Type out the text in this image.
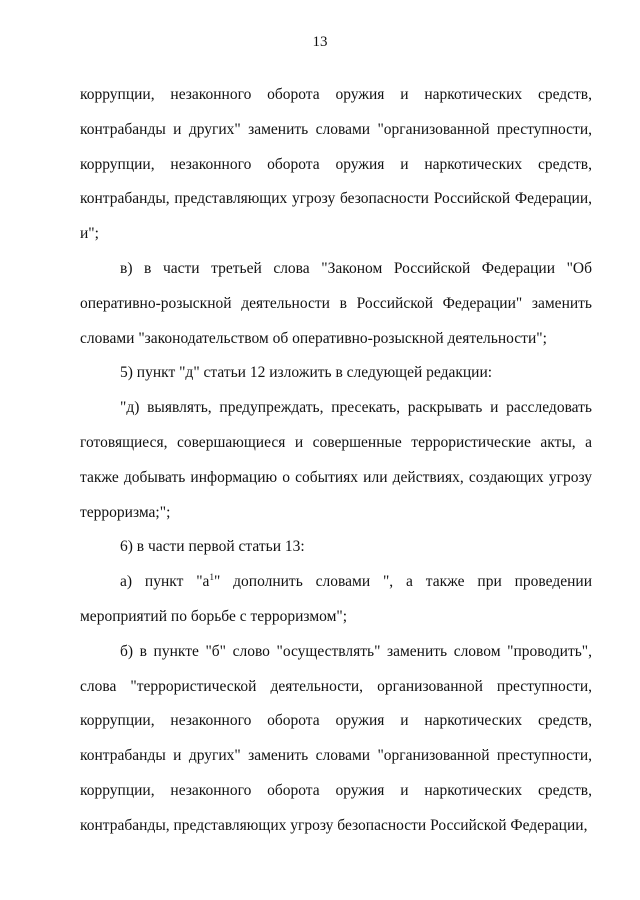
13

коррупции, незаконного оборота оружия и наркотических средств, контрабанды и других" заменить словами "организованной преступности, коррупции, незаконного оборота оружия и наркотических средств, контрабанды, представляющих угрозу безопасности Российской Федерации, и";

в) в части третьей слова "Законом Российской Федерации "Об оперативно-розыскной деятельности в Российской Федерации" заменить словами "законодательством об оперативно-розыскной деятельности";

5) пункт "д" статьи 12 изложить в следующей редакции:

"д) выявлять, предупреждать, пресекать, раскрывать и расследовать готовящиеся, совершающиеся и совершенные террористические акты, а также добывать информацию о событиях или действиях, создающих угрозу терроризма;";

6) в части первой статьи 13:

а) пункт "$а^1$" дополнить словами ", а также при проведении мероприятий по борьбе с терроризмом";

б) в пункте "б" слово "осуществлять" заменить словом "проводить", слова "террористической деятельности, организованной преступности, коррупции, незаконного оборота оружия и наркотических средств, контрабанды и других" заменить словами "организованной преступности, коррупции, незаконного оборота оружия и наркотических средств, контрабанды, представляющих угрозу безопасности Российской Федерации,
